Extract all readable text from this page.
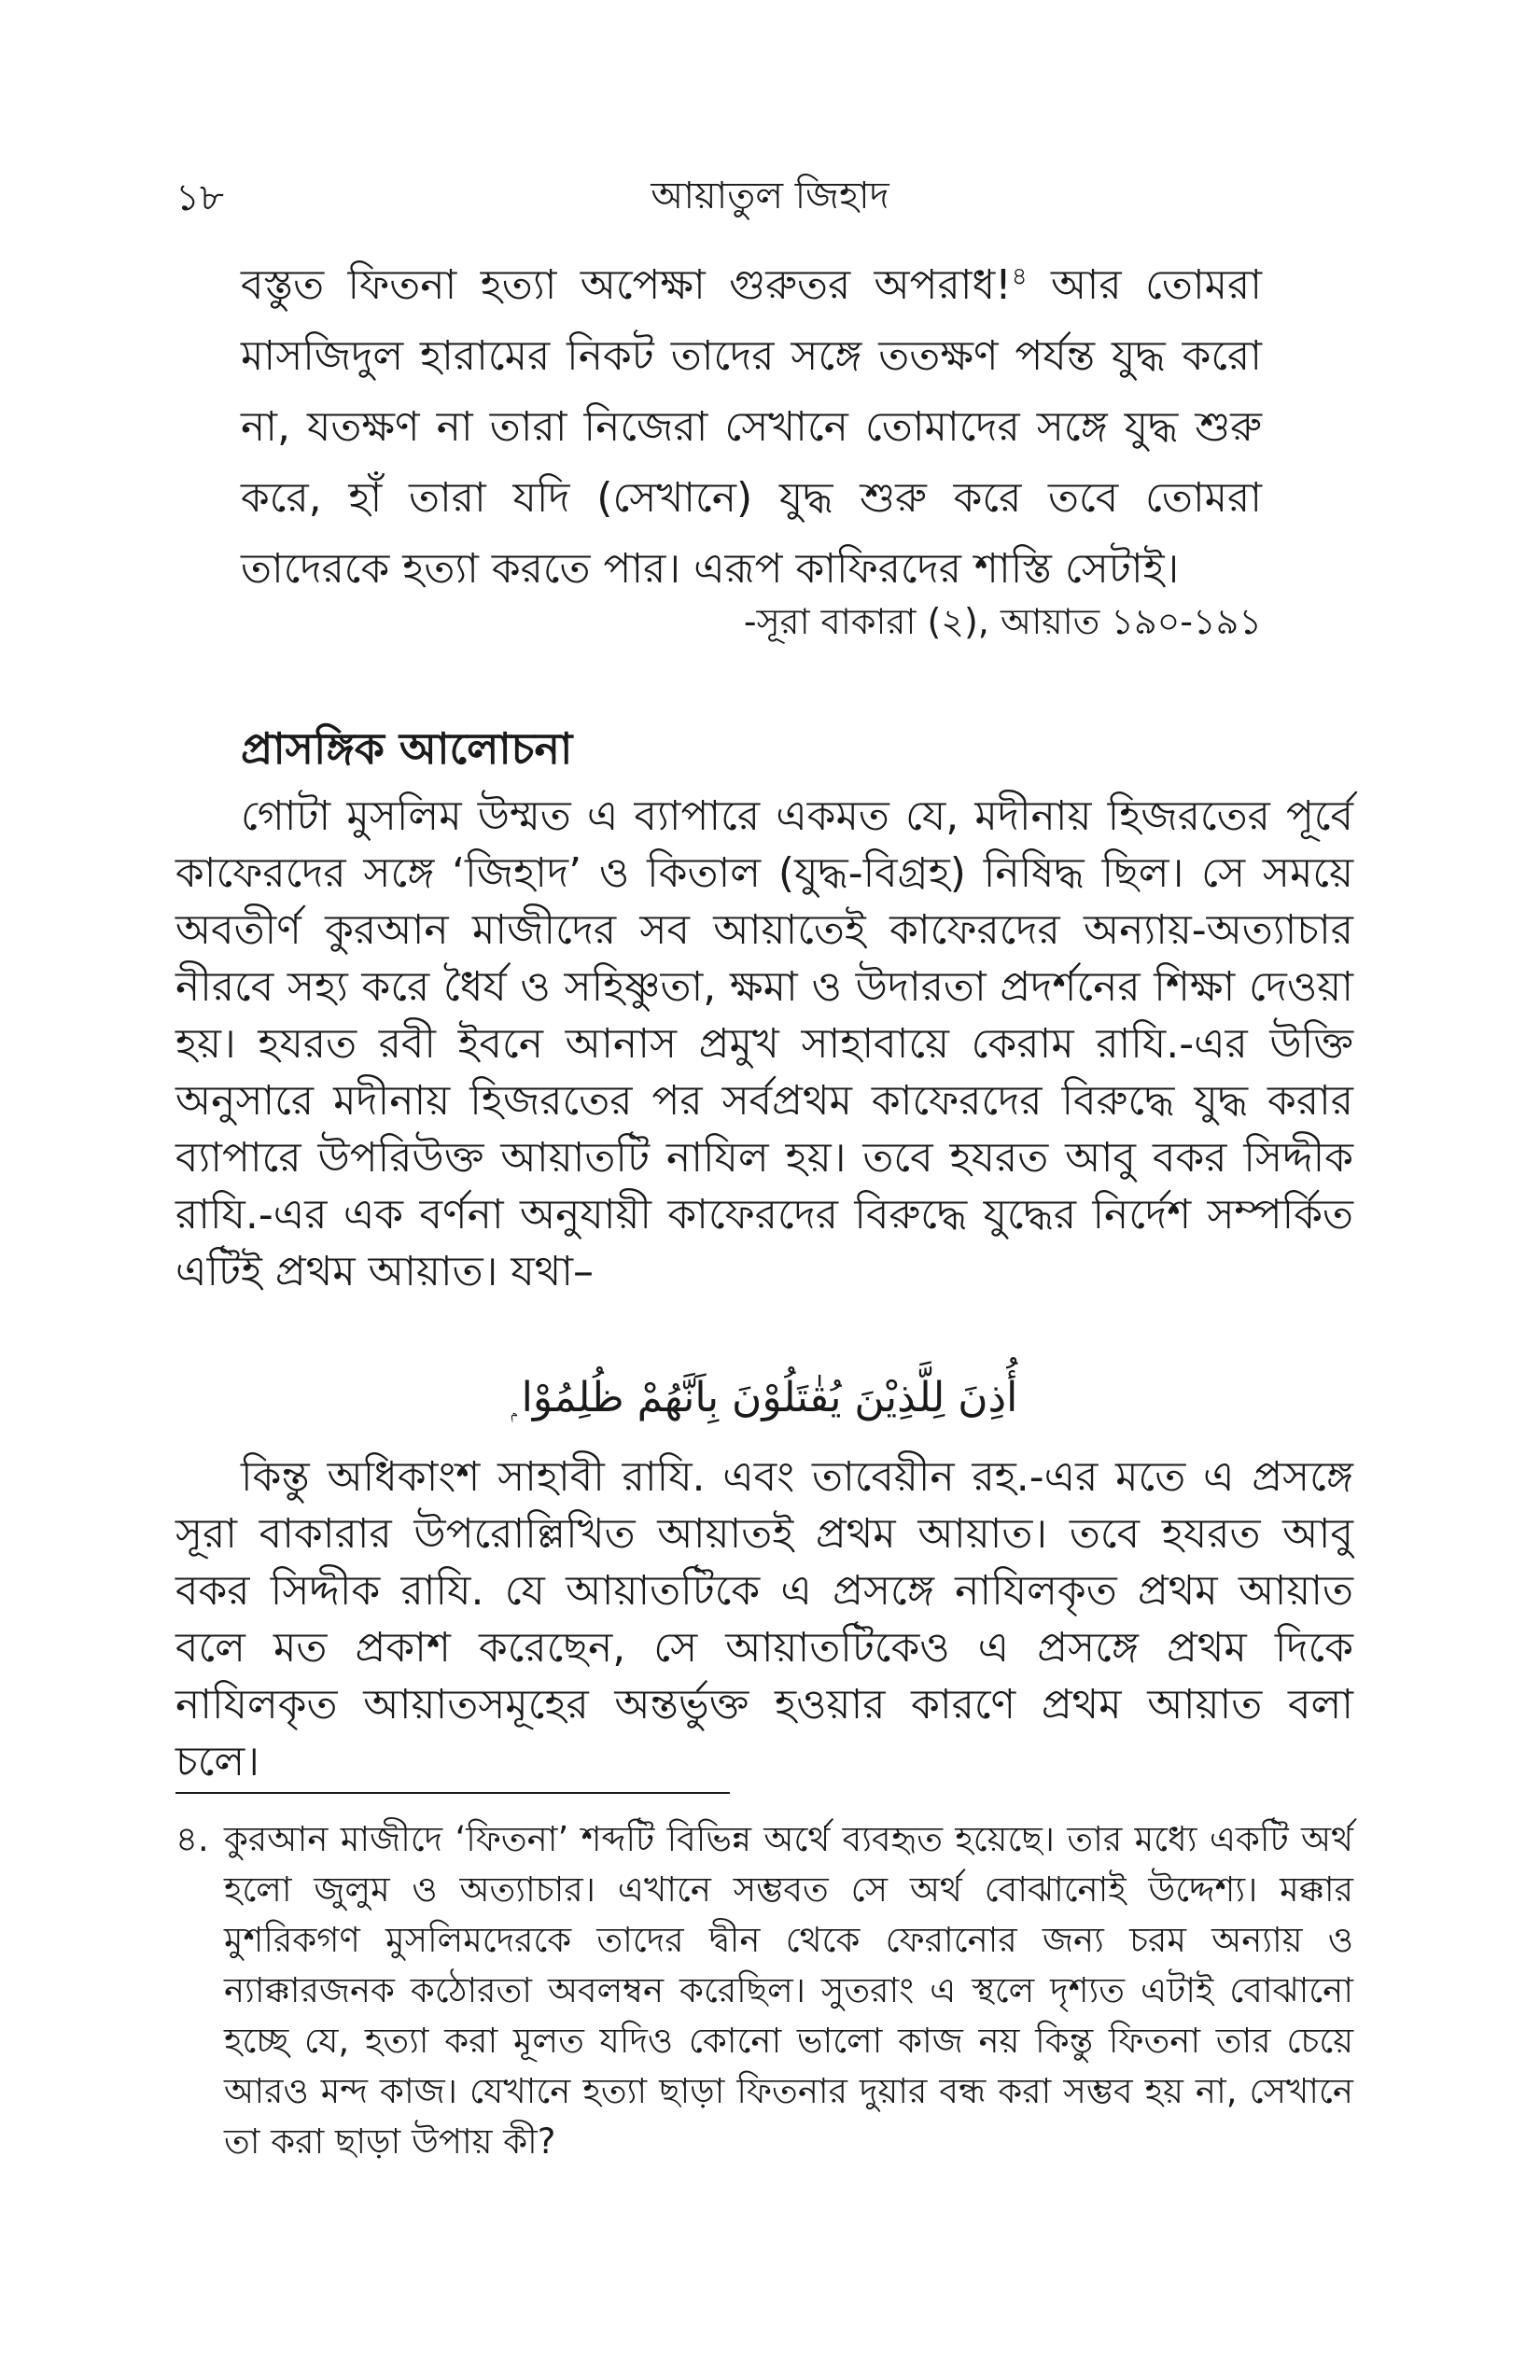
১৮	আয়াতুল জিহাদ

বস্তুত ফিতনা হত্যা অপেক্ষা গুরুতর অপরাধ!$^৪$ আর তোমরা মাসজিদুল হারামের নিকট তাদের সঙ্গে ততক্ষণ পর্যন্ত যুদ্ধ করো না, যতক্ষণ না তারা নিজেরা সেখানে তোমাদের সঙ্গে যুদ্ধ শুরু করে, হাঁ তারা যদি (সেখানে) যুদ্ধ শুরু করে তবে তোমরা তাদেরকে হত্যা করতে পার। এরূপ কাফিরদের শাস্তি সেটাই।

-সূরা বাকারা (২), আয়াত ১৯০-১৯১
প্রাসঙ্গিক আলোচনা

গোটা মুসলিম উম্মত এ ব্যাপারে একমত যে, মদীনায় হিজরতের পূর্বে কাফেরদের সঙ্গে ‘জিহাদ’ ও কিতাল (যুদ্ধ-বিগ্রহ) নিষিদ্ধ ছিল। সে সময়ে অবতীর্ণ কুরআন মাজীদের সব আয়াতেই কাফেরদের অন্যায়-অত্যাচার নীরবে সহ্য করে ধৈর্য ও সহিষ্ণুতা, ক্ষমা ও উদারতা প্রদর্শনের শিক্ষা দেওয়া হয়। হযরত রবী ইবনে আনাস প্রমুখ সাহাবায়ে কেরাম রাযি.-এর উক্তি অনুসারে মদীনায় হিজরতের পর সর্বপ্রথম কাফেরদের বিরুদ্ধে যুদ্ধ করার ব্যাপারে উপরিউক্ত আয়াতটি নাযিল হয়। তবে হযরত আবু বকর সিদ্দীক রাযি.-এর এক বর্ণনা অনুযায়ী কাফেরদের বিরুদ্ধে যুদ্ধের নির্দেশ সম্পর্কিত এটিই প্রথম আয়াত। যথা–

أُذِنَ لِلَّذِيْنَ يُقٰتَلُوْنَ بِاَنَّهُمْ ظُلِمُوْا ۭ

কিন্তু অধিকাংশ সাহাবী রাযি. এবং তাবেয়ীন রহ.-এর মতে এ প্রসঙ্গে সূরা বাকারার উপরোল্লিখিত আয়াতই প্রথম আয়াত। তবে হযরত আবু বকর সিদ্দীক রাযি. যে আয়াতটিকে এ প্রসঙ্গে নাযিলকৃত প্রথম আয়াত বলে মত প্রকাশ করেছেন, সে আয়াতটিকেও এ প্রসঙ্গে প্রথম দিকে নাযিলকৃত আয়াতসমূহের অন্তর্ভুক্ত হওয়ার কারণে প্রথম আয়াত বলা চলে।

৪. কুরআন মাজীদে ‘ফিতনা’ শব্দটি বিভিন্ন অর্থে ব্যবহৃত হয়েছে। তার মধ্যে একটি অর্থ হলো জুলুম ও অত্যাচার। এখানে সম্ভবত সে অর্থ বোঝানোই উদ্দেশ্য। মক্কার মুশরিকগণ মুসলিমদেরকে তাদের দ্বীন থেকে ফেরানোর জন্য চরম অন্যায় ও ন্যাক্কারজনক কঠোরতা অবলম্বন করেছিল। সুতরাং এ স্থলে দৃশ্যত এটাই বোঝানো হচ্ছে যে, হত্যা করা মূলত যদিও কোনো ভালো কাজ নয় কিন্তু ফিতনা তার চেয়ে আরও মন্দ কাজ। যেখানে হত্যা ছাড়া ফিতনার দুয়ার বন্ধ করা সম্ভব হয় না, সেখানে তা করা ছাড়া উপায় কী?
